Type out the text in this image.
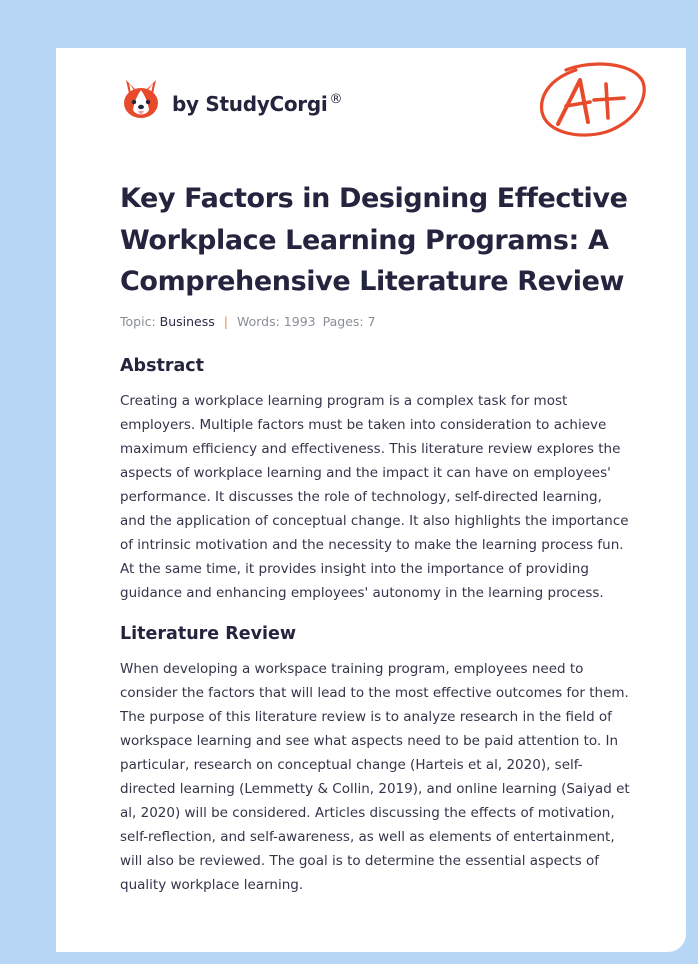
by StudyCorgi ®
Key Factors in Designing Effective Workplace Learning Programs: A Comprehensive Literature Review
Topic: Business | Words: 1993 Pages: 7
Abstract

Creating a workplace learning program is a complex task for most employers. Multiple factors must be taken into consideration to achieve maximum efficiency and effectiveness. This literature review explores the aspects of workplace learning and the impact it can have on employees' performance. It discusses the role of technology, self-directed learning, and the application of conceptual change. It also highlights the importance of intrinsic motivation and the necessity to make the learning process fun. At the same time, it provides insight into the importance of providing guidance and enhancing employees' autonomy in the learning process.

Literature Review

When developing a workspace training program, employees need to consider the factors that will lead to the most effective outcomes for them. The purpose of this literature review is to analyze research in the field of workspace learning and see what aspects need to be paid attention to. In particular, research on conceptual change (Harteis et al, 2020), self-directed learning (Lemmetty & Collin, 2019), and online learning (Saiyad et al, 2020) will be considered. Articles discussing the effects of motivation, self-reflection, and self-awareness, as well as elements of entertainment, will also be reviewed. The goal is to determine the essential aspects of quality workplace learning.
